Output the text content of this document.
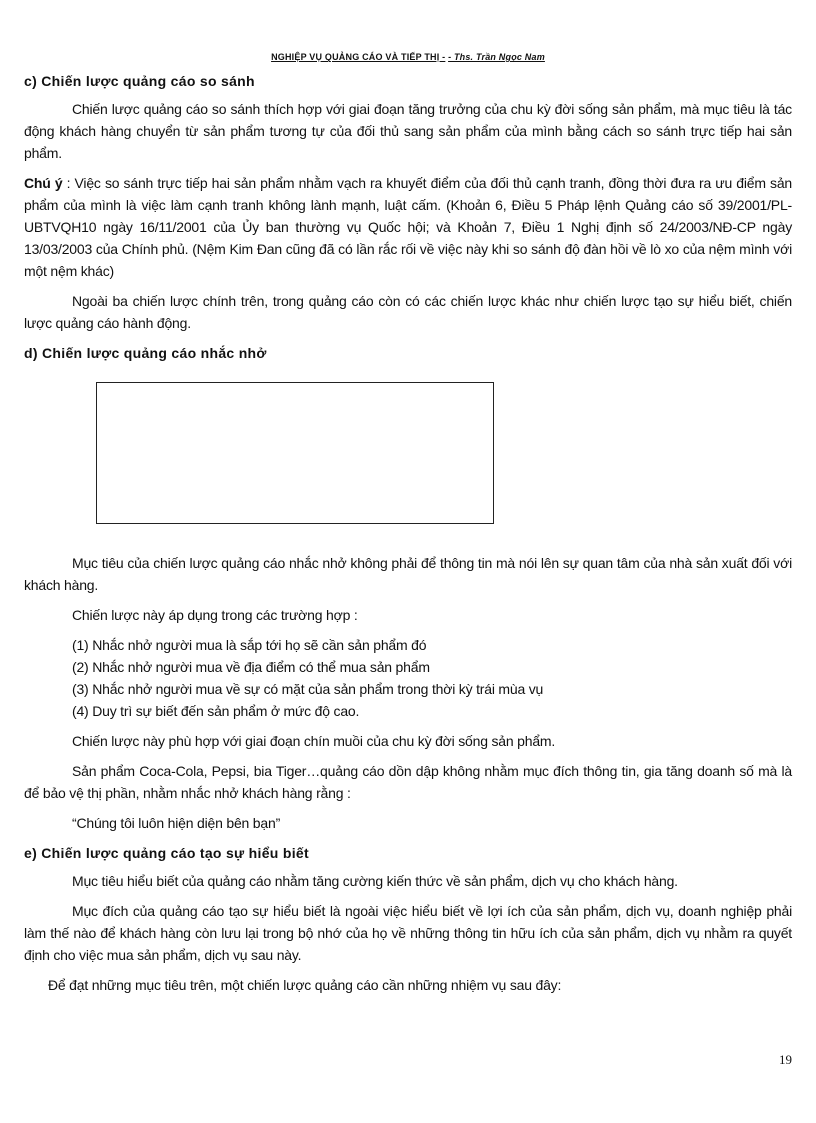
NGHIỆP VỤ QUẢNG CÁO VÀ TIẾP THỊ - - Ths. Trần Ngọc Nam
c) Chiến lược quảng cáo so sánh

Chiến lược quảng cáo so sánh thích hợp với giai đoạn tăng trưởng của chu kỳ đời sống sản phẩm, mà mục tiêu là tác động khách hàng chuyển từ sản phẩm tương tự của đối thủ sang sản phẩm của mình bằng cách so sánh trực tiếp hai sản phẩm.

Chú ý : Việc so sánh trực tiếp hai sản phẩm nhằm vạch ra khuyết điểm của đối thủ cạnh tranh, đồng thời đưa ra ưu điểm sản phẩm của mình là việc làm cạnh tranh không lành mạnh, luật cấm. (Khoản 6, Điều 5 Pháp lệnh Quảng cáo số 39/2001/PL-UBTVQH10 ngày 16/11/2001 của Ủy ban thường vụ Quốc hội; và Khoản 7, Điều 1 Nghị định số 24/2003/NĐ-CP ngày 13/03/2003 của Chính phủ. (Nệm Kim Đan cũng đã có lần rắc rối về việc này khi so sánh độ đàn hồi về lò xo của nệm mình với một nệm khác)

Ngoài ba chiến lược chính trên, trong quảng cáo còn có các chiến lược khác như chiến lược tạo sự hiểu biết, chiến lược quảng cáo hành động.

d) Chiến lược quảng cáo nhắc nhở

Mục tiêu của chiến lược quảng cáo nhắc nhở không phải để thông tin mà nói lên sự quan tâm của nhà sản xuất đối với khách hàng.

Chiến lược này áp dụng trong các trường hợp :

(1) Nhắc nhở người mua là sắp tới họ sẽ cần sản phẩm đó
(2) Nhắc nhở người mua về địa điểm có thể mua sản phẩm
(3) Nhắc nhở người mua về sự có mặt của sản phẩm trong thời kỳ trái mùa vụ
(4) Duy trì sự biết đến sản phẩm ở mức độ cao.

Chiến lược này phù hợp với giai đoạn chín muồi của chu kỳ đời sống sản phẩm.

Sản phẩm Coca-Cola, Pepsi, bia Tiger…quảng cáo dồn dập không nhằm mục đích thông tin, gia tăng doanh số mà là để bảo vệ thị phần, nhằm nhắc nhở khách hàng rằng :

“Chúng tôi luôn hiện diện bên bạn”

e) Chiến lược quảng cáo tạo sự hiểu biết

Mục tiêu hiểu biết của quảng cáo nhằm tăng cường kiến thức về sản phẩm, dịch vụ cho khách hàng.

Mục đích của quảng cáo tạo sự hiểu biết là ngoài việc hiểu biết về lợi ích của sản phẩm, dịch vụ, doanh nghiệp phải làm thế nào để khách hàng còn lưu lại trong bộ nhớ của họ về những thông tin hữu ích của sản phẩm, dịch vụ nhằm ra quyết định cho việc mua sản phẩm, dịch vụ sau này.

Để đạt những mục tiêu trên, một chiến lược quảng cáo cần những nhiệm vụ sau đây:

19
